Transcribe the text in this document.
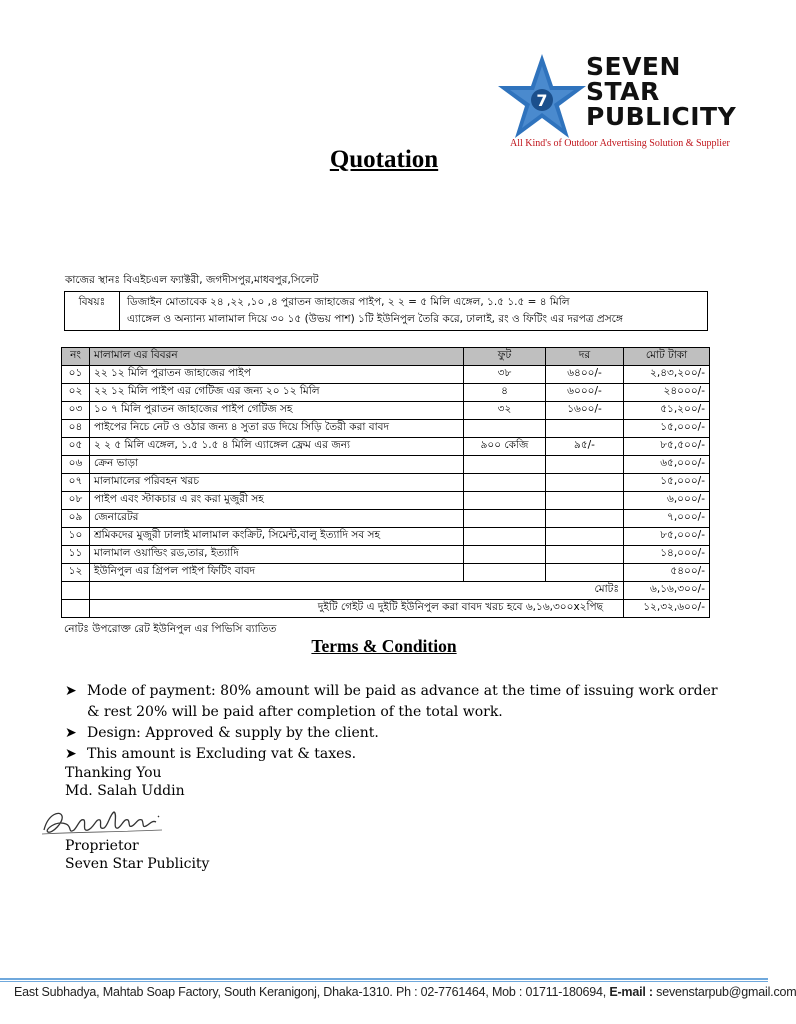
7
SEVEN
STAR
PUBLICITY
All Kind's of Outdoor Advertising Solution & Supplier
Quotation
কাজের স্থানঃ বিএইচএল ফ্যাক্টরী, জগদীসপুর,মাধবপুর,সিলেট
বিষয়ঃ	ডিজাইন মোতাবেক ২৪ ,২২ ,১০ ,৪ পুরাতন জাহাজের পাইপ, ২ ২ = ৫ মিলি এঙ্গেল, ১.৫ ১.৫ = ৪ মিলি
এ্যাঙ্গেল ও অন্যান্য মালামাল দিয়ে ৩০ ১৫ (উভয় পাশ) ১টি ইউনিপুল তৈরি করে, ঢালাই, রং ও ফিটিং এর দরপত্র প্রসঙ্গে
নং	মালামাল এর বিবরন	ফুট	দর	মোট টাকা
০১	২২ ১২ মিলি পুরাতন জাহাজের পাইপ	৩৮	৬৪০০/-	২,৪৩,২০০/-
০২	২২ ১২ মিলি পাইপ এর গেটিজ এর জন্য ২০ ১২ মিলি	৪	৬০০০/-	২৪০০০/-
০৩	১০ ৭ মিলি পুরাতন জাহাজের পাইপ গেটিজ সহ	৩২	১৬০০/-	৫১,২০০/-
০৪	পাইপের নিচে নেট ও ওঠার জন্য ৪ সুতা রড দিয়ে সিড়ি তৈরী করা বাবদ			১৫,০০০/-
০৫	২ ২ ৫ মিলি এঙ্গেল, ১.৫ ১.৫ ৪ মিলি এ্যাঙ্গেল ফ্রেম এর জন্য	৯০০ কেজি	৯৫/-	৮৫,৫০০/-
০৬	ক্রেন ভাড়া			৬৫,০০০/-
০৭	মালামালের পরিবহন খরচ			১৫,০০০/-
০৮	পাইপ এবং স্টাকচার এ রং করা মুজুরী সহ			৬,০০০/-
০৯	জেনারেটর			৭,০০০/-
১০	শ্রমিকদের মুজুরী ঢালাই মালামাল কংক্রিট, সিমেন্ট,বালু ইত্যাদি সব সহ			৮৫,০০০/-
১১	মালামাল ওয়াল্ডিং রড,তার, ইত্যাদি			১৪,০০০/-
১২	ইউনিপুল এর গ্রিপল পাইপ ফিটিং বাবদ			৫৪০০/-
	মোটঃ			৬,১৬,৩০০/-
	দুইটি গেইট এ দুইটি ইউনিপুল করা বাবদ খরচ হবে ৬,১৬,৩০০x২পিছ			১২,৩২,৬০০/-
নোটঃ উপরোক্ত রেট ইউনিপুল এর পিভিসি ব্যাতিত
Terms & Condition
➤ Mode of payment: 80% amount will be paid as advance at the time of issuing work order & rest 20% will be paid after completion of the total work.
➤ Design: Approved & supply by the client.
➤ This amount is Excluding vat & taxes.
Thanking You
Md. Salah Uddin
Proprietor
Seven Star Publicity
East Subhadya, Mahtab Soap Factory, South Keranigonj, Dhaka-1310. Ph : 02-7761464, Mob : 01711-180694, E-mail : sevenstarpub@gmail.com
